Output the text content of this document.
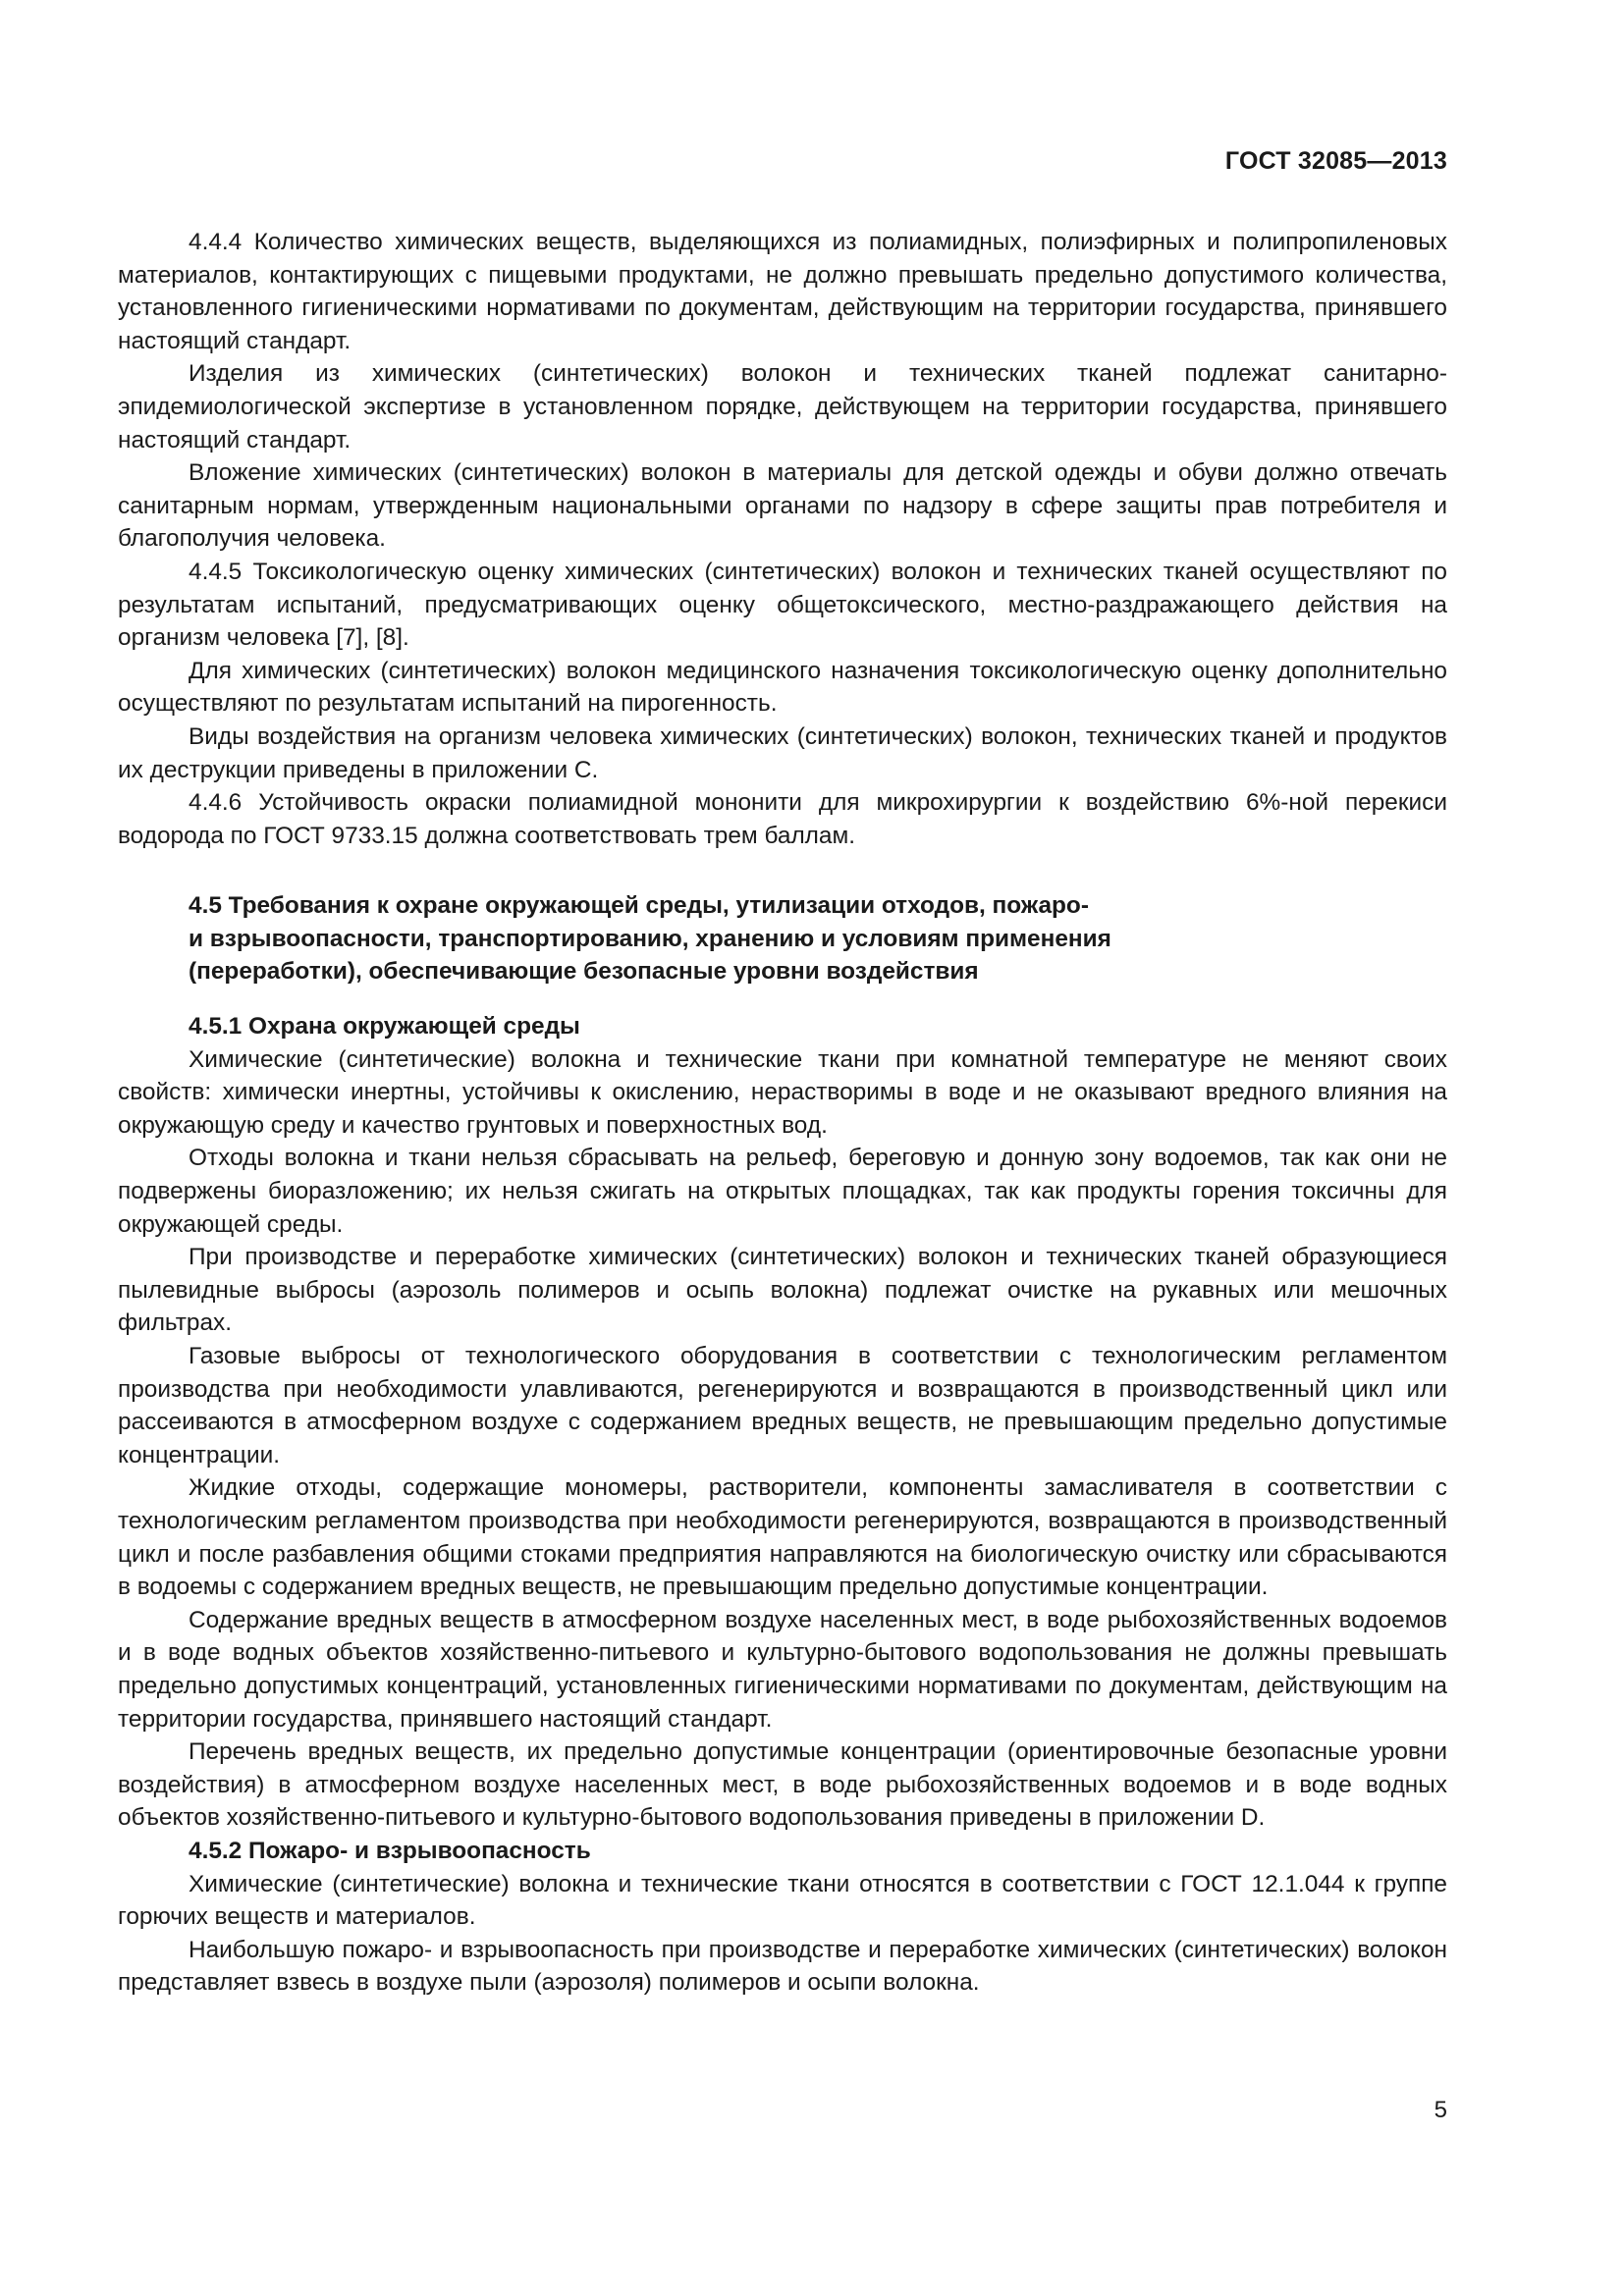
ГОСТ 32085—2013

4.4.4 Количество химических веществ, выделяющихся из полиамидных, полиэфирных и полипропиленовых материалов, контактирующих с пищевыми продуктами, не должно превышать предельно допустимого количества, установленного гигиеническими нормативами по документам, действующим на территории государства, принявшего настоящий стандарт.

Изделия из химических (синтетических) волокон и технических тканей подлежат санитарно-эпидемиологической экспертизе в установленном порядке, действующем на территории государства, принявшего настоящий стандарт.

Вложение химических (синтетических) волокон в материалы для детской одежды и обуви должно отвечать санитарным нормам, утвержденным национальными органами по надзору в сфере защиты прав потребителя и благополучия человека.

4.4.5 Токсикологическую оценку химических (синтетических) волокон и технических тканей осуществляют по результатам испытаний, предусматривающих оценку общетоксического, местно-раздражающего действия на организм человека [7], [8].

Для химических (синтетических) волокон медицинского назначения токсикологическую оценку дополнительно осуществляют по результатам испытаний на пирогенность.

Виды воздействия на организм человека химических (синтетических) волокон, технических тканей и продуктов их деструкции приведены в приложении С.

4.4.6 Устойчивость окраски полиамидной мононити для микрохирургии к воздействию 6%-ной перекиси водорода по ГОСТ 9733.15 должна соответствовать трем баллам.

4.5 Требования к охране окружающей среды, утилизации отходов, пожаро-
и взрывоопасности, транспортированию, хранению и условиям применения
(переработки), обеспечивающие безопасные уровни воздействия

4.5.1 Охрана окружающей среды

Химические (синтетические) волокна и технические ткани при комнатной температуре не меняют своих свойств: химически инертны, устойчивы к окислению, нерастворимы в воде и не оказывают вредного влияния на окружающую среду и качество грунтовых и поверхностных вод.

Отходы волокна и ткани нельзя сбрасывать на рельеф, береговую и донную зону водоемов, так как они не подвержены биоразложению; их нельзя сжигать на открытых площадках, так как продукты горения токсичны для окружающей среды.

При производстве и переработке химических (синтетических) волокон и технических тканей образующиеся пылевидные выбросы (аэрозоль полимеров и осыпь волокна) подлежат очистке на рукавных или мешочных фильтрах.

Газовые выбросы от технологического оборудования в соответствии с технологическим регламентом производства при необходимости улавливаются, регенерируются и возвращаются в производственный цикл или рассеиваются в атмосферном воздухе с содержанием вредных веществ, не превышающим предельно допустимые концентрации.

Жидкие отходы, содержащие мономеры, растворители, компоненты замасливателя в соответствии с технологическим регламентом производства при необходимости регенерируются, возвращаются в производственный цикл и после разбавления общими стоками предприятия направляются на биологическую очистку или сбрасываются в водоемы с содержанием вредных веществ, не превышающим предельно допустимые концентрации.

Содержание вредных веществ в атмосферном воздухе населенных мест, в воде рыбохозяйственных водоемов и в воде водных объектов хозяйственно-питьевого и культурно-бытового водопользования не должны превышать предельно допустимых концентраций, установленных гигиеническими нормативами по документам, действующим на территории государства, принявшего настоящий стандарт.

Перечень вредных веществ, их предельно допустимые концентрации (ориентировочные безопасные уровни воздействия) в атмосферном воздухе населенных мест, в воде рыбохозяйственных водоемов и в воде водных объектов хозяйственно-питьевого и культурно-бытового водопользования приведены в приложении D.

4.5.2 Пожаро- и взрывоопасность

Химические (синтетические) волокна и технические ткани относятся в соответствии с ГОСТ 12.1.044 к группе горючих веществ и материалов.

Наибольшую пожаро- и взрывоопасность при производстве и переработке химических (синтетических) волокон представляет взвесь в воздухе пыли (аэрозоля) полимеров и осыпи волокна.

5
